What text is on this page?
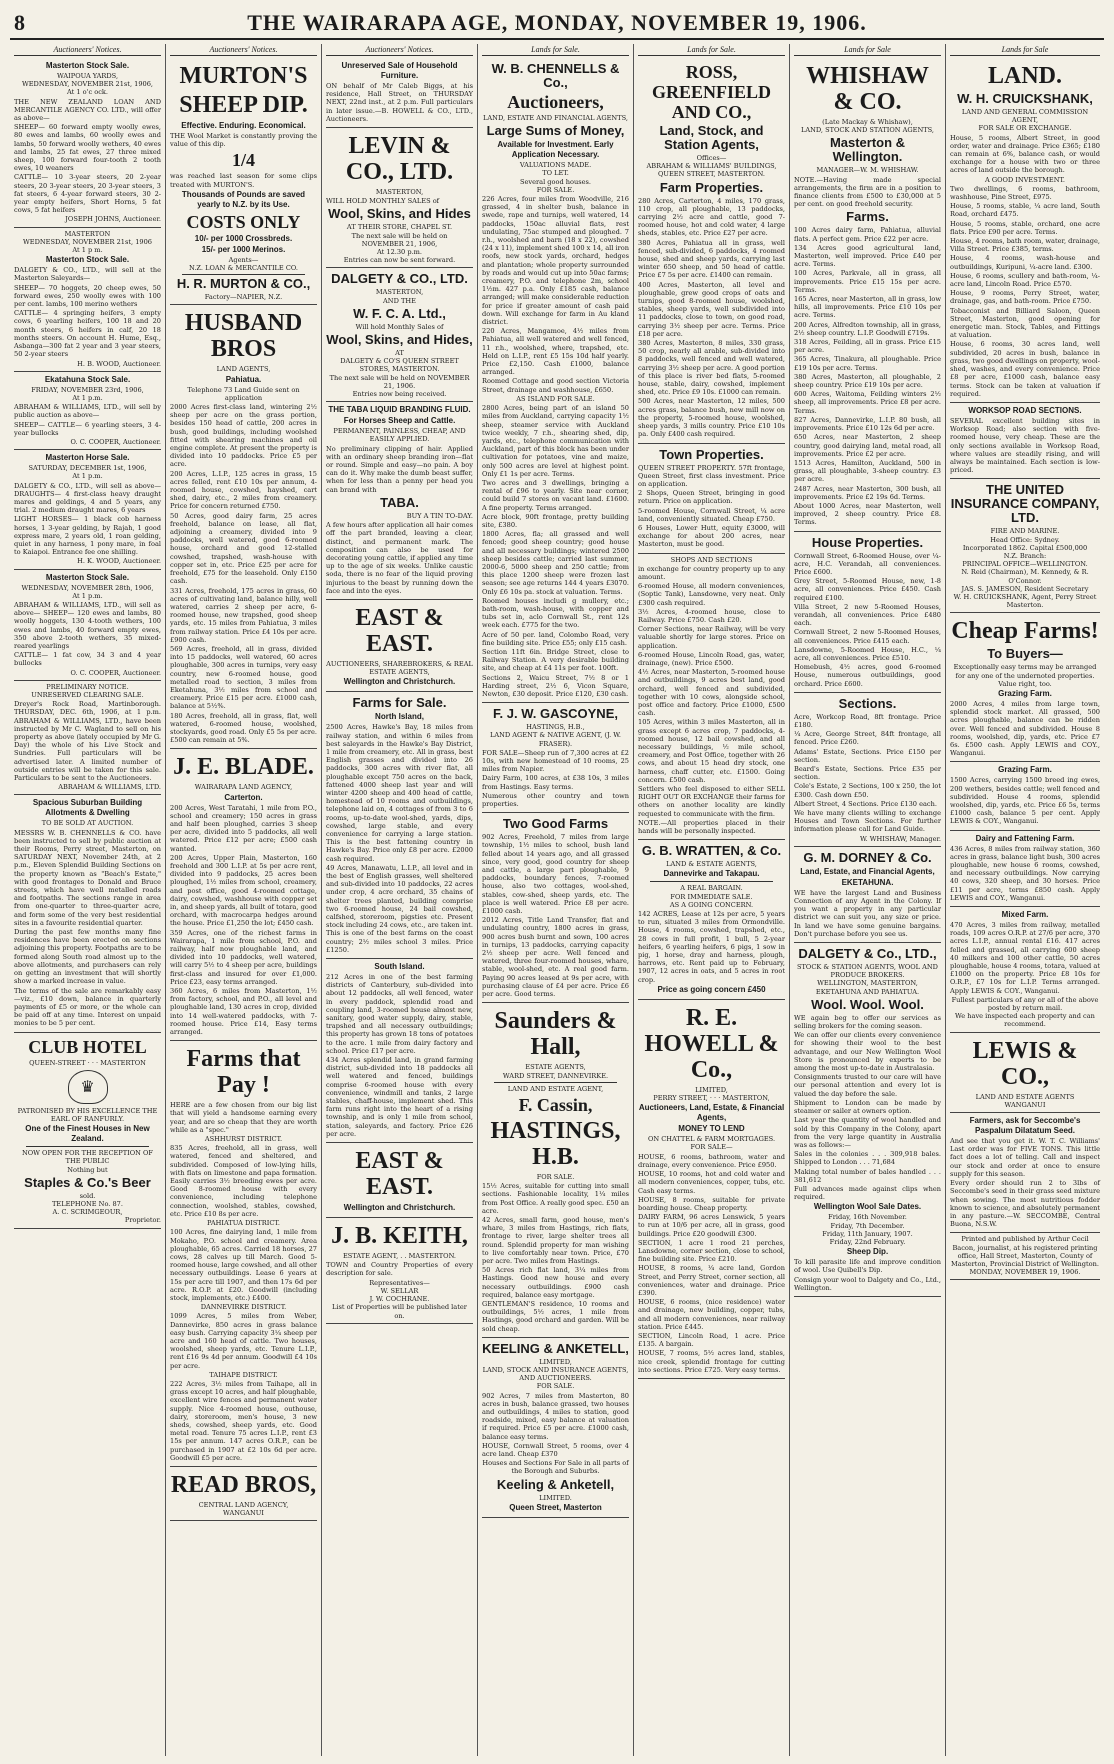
8	THE WAIRARAPA AGE, MONDAY, NOVEMBER 19, 1906.
Auctioneers' Notices.
Masterton Stock Sale.
WAIPOUA YARDS,
WEDNESDAY, NOVEMBER 21st, 1906,
At 1 o'c ock.

THE NEW ZEALAND LOAN AND MERCANTILE AGENCY CO. LTD., will offer as above—

SHEEP— 60 forward empty woolly ewes, 80 ewes and lambs, 60 woolly ewes and lambs, 50 forward woolly wethers, 40 ewes and lambs, 25 fat ewes, 27 three mixed sheep, 100 forward four-tooth 2 tooth ewes, 10 weaners

CATTLE— 10 3-year steers, 20 2-year steers, 20 3-year steers, 20 3-year steers, 3 fat steers, 6 4-year forward steers, 30 2-year empty heifers, Short Horns, 5 fat cows, 5 fat heifers

JOSEPH JOHNS, Auctioneer.
MASTERTON
WEDNESDAY, NOVEMBER 21st, 1906
At 1 p m.
Masterton Stock Sale.

DALGETY & CO., LTD., will sell at the Masterton Saleyards—

SHEEP— 70 hoggets, 20 cheep ewes, 50 forward ewes, 250 woolly ewes with 100 per cent. lambs, 100 merino wethers

CATTLE— 4 springing heifers, 3 empty cows, 6 yearling heifers, 100 18 and 20 month steers, 6 heifers in calf, 20 18 months steers. On account H. Hume, Esq., Asbanga—300 fat 2 year and 3 year steers, 50 2-year steers

H. B. WOOD, Auctioneer.
Ekatahuna Stock Sale.
FRIDAY, NOVEMBER 23rd, 1906,
At 1 p.m.

ABRAHAM & WILLIAMS, LTD., will sell by public auction as above—

SHEEP— CATTLE— 6 yearling steers, 3 4-year bullocks

O. C. COOPER, Auctioneer.
Masterton Horse Sale.
SATURDAY, DECEMBER 1st, 1906,
At 1 p.m.

DALGETY & CO., LTD., will sell as above— DRAUGHTS— 4 first-class heavy draught mares and geldings, 4 and 5 years, any trial. 2 medium draught mares, 6 years

LIGHT HORSES— 1 black cob harness horses, 1 3-year gelding, by Rajah, 1 good express mare, 2 years old, 1 roan gelding, quiet in any harness, 1 pony mare, in foal to Kaiapoi. Entrance fee one shilling.

H. K. WOOD, Auctioneer.
Masterton Stock Sale.
WEDNESDAY, NOVEMBER 28th, 1906,
At 1 p.m.

ABRAHAM & WILLIAMS, LTD., will sell as above— SHEEP— 120 ewes and lambs, 80 woolly hoggets, 130 4-tooth wethers, 100 ewes and lambs, 40 forward empty ewes, 350 above 2-tooth wethers, 35 mixed-reared yearlings

CATTLE— 1 fat cow, 34 3 and 4 year bullocks

O. C. COOPER, Auctioneer.
PRELIMINARY NOTICE.
UNRESERVED CLEARING SALE.

Dreyer's Rock Road, Martinborough. THURSDAY, DEC. 6th, 1906, at 1 p.m. ABRAHAM & WILLIAMS, LTD., have been instructed by Mr C. Wagland to sell on his property as above (lately occupied by Mr G. Day) the whole of his Live Stock and Sundries. Full particulars will be advertised later. A limited number of outside entries will be taken for this sale. Particulars to be sent to the Auctioneers.

ABRAHAM & WILLIAMS, LTD.
Spacious Suburban Building Allotments & Dwelling
TO BE SOLD AT AUCTION.

MESSRS W. B. CHENNELLS & CO. have been instructed to sell by public auction at their Rooms, Perry street, Masterton, on SATURDAY NEXT, November 24th, at 2 p.m., Eleven Splendid Building Sections on the property known as "Beach's Estate," with good frontages to Donald and Bruce streets, which have well metalled roads and footpaths. The sections range in area from one-quarter to three-quarter acre, and form some of the very best residential sites in a favourite residential quarter.

During the past few months many fine residences have been erected on sections adjoining this property. Footpaths are to be formed along South road almost up to the above allotments, and purchasers can rely on getting an investment that will shortly show a marked increase in value.

The terms of the sale are remarkably easy—viz., £10 down, balance in quarterly payments of £5 or more, or the whole can be paid off at any time. Interest on unpaid monies to be 5 per cent.

CLUB HOTEL
QUEEN-STREET · · · MASTERTON
♛
PATRONISED BY HIS EXCELLENCE THE EARL OF RANFURLY.
One of the Finest Houses in New Zealand.
NOW OPEN FOR THE RECEPTION OF THE PUBLIC
Nothing but
Staples & Co.'s Beer
sold.
TELEPHONE No. 87.
A. C. SCRIMGEOUR,
Proprietor.
Auctioneers' Notices.
MURTON'S
SHEEP DIP.
Effective. Enduring. Economical.

THE Wool Market is constantly proving the value of this dip.

1/4

was reached last season for some clips treated with MURTON'S.

Thousands of Pounds are saved yearly to N.Z. by its Use.
COSTS ONLY
10/- per 1000 Crossbreds.
15/- per 1000 Merinos.
Agents—
N.Z. LOAN & MERCANTILE CO.
H. R. MURTON & CO.,
Factory—NAPIER, N.Z.
HUSBAND BROS
LAND AGENTS,
Pahiatua.
Telephone 73 Land Guide sent on application

2000 Acres first-class land, wintering 2½ sheep per acre on the grass portion, besides 150 head of cattle, 200 acres in bush, good buildings, including woolshed fitted with shearing machines and oil engine complete. At present the property is divided into 10 paddocks. Price £5 per acre.

200 Acres, L.I.P., 125 acres in grass, 15 acres felled, rent £10 10s per annum, 4-roomed house, cowshed, hayshed, cart shed, dairy, etc., 2 miles from creamery. Price for concern returned £750.

50 Acres, good dairy farm, 25 acres freehold, balance on lease, all flat, adjoining a creamery, divided into 9 paddocks, well watered, good 6-roomed house, orchard and good 12-stalled cowshed, trapshed, wash-house with copper set in, etc. Price £25 per acre for freehold, £75 for the leasehold. Only £150 cash.

331 Acres, freehold, 175 acres in grass, 60 acres of cultivating land, balance hilly, well watered, carries 2 sheep per acre, 6-roomed house, new trapshed, good sheep yards, etc. 15 miles from Pahiatua, 3 miles from railway station. Price £4 10s per acre. £900 cash.

569 Acres, freehold, all in grass, divided into 15 paddocks, well watered, 60 acres ploughable, 300 acres in turnips, very easy country, new 6-roomed house, good metalled road to section, 3 miles from Eketahuna, 3½ miles from school and creamery. Price £15 per acre. £1000 cash, balance at 5½%.

180 Acres, freehold, all in grass, flat, well watered, 6-roomed house, woolshed, stockyards, good road. Only £5 5s per acre. £500 can remain at 5%.

J. E. BLADE.
WAIRARAPA LAND AGENCY,
Carterton.

200 Acres, West Taratahi, 1 mile from P.O., school and creamery; 150 acres in grass and half been ploughed, carries 3 sheep per acre, divided into 5 paddocks, all well watered. Price £12 per acre; £500 cash wanted.

200 Acres, Upper Plain, Masterton, 160 freehold and 300 L.I.P. at 5s per acre rent, divided into 9 paddocks, 25 acres been ploughed, 1½ miles from school, creamery, and post office, good 4-roomed cottage, dairy, cowshed, washhouse with copper set in, and sheep yards, all built of totara, good orchard, with macrocarpa hedges around the house. Price £1,250 the lot; £450 cash.

359 Acres, one of the richest farms in Wairarapa, 1 mile from school, P.O. and railway, half now ploughable land, and divided into 10 paddocks, well watered, will carry 5½ to 4 sheep per acre, buildings first-class and insured for over £1,000. Price £23, easy terms arranged.

360 Acres, 6 miles from Masterton, 1½ from factory, school, and P.O., all level and ploughable land, 130 acres in crop, divided into 14 well-watered paddocks, with 7-roomed house. Price £14, Easy terms arranged.

Farms that Pay !

HERE are a few chosen from our big list that will yield a handsome earning every year, and are so cheap that they are worth while as a "spec."

ASHHURST DISTRICT.

835 Acres, freehold, all in grass, well watered, fenced and sheltered, and subdivided. Composed of low-lying hills, with flats on limestone and papa formation. Easily carries 3½ breeding ewes per acre. Good 8-roomed house with every convenience, including telephone connection, woolshed, stables, cowshed, etc. Price £10 8s per acre.

PAHIATUA DISTRICT.

100 Acres, fine dairying land, 1 mile from Mokaho, P.O. school and creamery. Area ploughable, 65 acres. Carried 18 horses, 27 cows, 28 calves up till March. Good 5-roomed house, large cowshed, and all other necessary outbuildings. Lease 6 years at 15s per acre till 1907, and then 17s 6d per acre. R.O.P. at £20. Goodwill (including stock, implements, etc.) £400.

DANNEVIRKE DISTRICT.

1099 Acres, 5 miles from Weber, Dannevirke, 850 acres in grass balance easy bush. Carrying capacity 3¼ sheep per acre and 160 head of cattle. Two houses, woolshed, sheep yards, etc. Tenure L.I.P., rent £16 9s 4d per annum. Goodwill £4 10s per acre.

TAIHAPE DISTRICT.

222 Acres, 3½ miles from Taihape, all in grass except 10 acres, and half ploughable, excellent wire fences and permanent water supply. Nice 4-roomed house, outhouse, dairy, storeroom, men's house, 3 new sheds, cowshed, sheep yards, etc. Good metal road. Tenure 75 acres L.I.P., rent £3 15s per annum. 147 acres O.R.P., can be purchased in 1907 at £2 10s 6d per acre. Goodwill £5 per acre.

READ BROS,
CENTRAL LAND AGENCY,
WANGANUI
Auctioneers' Notices.
Unreserved Sale of Household Furniture.

ON behalf of Mr Caleb Biggs, at his residence, Hall Street, on THURSDAY NEXT, 22nd inst., at 2 p.m. Full particulars in later issue.—B. HOWELL & CO., LTD., Auctioneers.

LEVIN & CO., LTD.
MASTERTON,

WILL HOLD MONTHLY SALES of

Wool, Skins, and Hides
AT THEIR STORE, CHAPEL ST.
The next sale will be held on
NOVEMBER 21, 1906,
At 12.30 p.m.
Entries can now be sent forward.
DALGETY & CO., LTD.
MASTERTON,
AND THE
W. F. C. A. Ltd.,
Will hold Monthly Sales of
Wool, Skins, and Hides,
AT
DALGETY & CO'S QUEEN STREET STORES, MASTERTON.
The next sale will be held on NOVEMBER 21, 1906.
Entries now being received.
THE TABA LIQUID BRANDING FLUID.
For Horses Sheep and Cattle.
PERMANENT, PAINLESS, CHEAP, AND EASILY APPLIED.

No preliminary clipping of hair. Applied with an ordinary sheep branding iron—flat or round. Simple and easy—no pain. A boy can do it. Why make the dumb beast suffer, when for less than a penny per head you can brand with

TABA.
BUY A TIN TO-DAY.

A few hours after application all hair comes off the part branded, leaving a clear, distinct, and permanent mark. The composition can also be used for decorating young cattle, if applied any time up to the age of six weeks. Unlike caustic soda, there is no fear of the liquid proving injurious to the beast by running down the face and into the eyes.

EAST & EAST.
AUCTIONEERS, SHAREBROKERS, & REAL ESTATE AGENTS,
Wellington and Christchurch.
Farms for Sale.
North Island,

2500 Acres, Hawke's Bay, 18 miles from railway station, and within 6 miles from best saleyards in the Hawke's Bay District, 1 mile from creamery, etc. All in grass, best English grasses and divided into 26 paddocks, 300 acres with river flat, all ploughable except 750 acres on the back, fattened 4000 sheep last year and will winter 4200 sheep and 400 head of cattle, homestead of 10 rooms and outbuildings, telephone laid on, 4 cottages of from 3 to 6 rooms, up-to-date wool-shed, yards, dips, cowshed, large stable, and every convenience for carrying a large station. This is the best fattening country in Hawke's Bay. Price only £8 per acre. £2000 cash required.

49 Acres, Manawatu, L.I.P., all level and in the best of English grasses, well sheltered and sub-divided into 10 paddocks, 22 acres under crop, 4 acre orchard, 35 chains of shelter trees planted, building comprise two 6-roomed house, 24 bail cowshed, calfshed, storeroom, pigsties etc. Present stock including 24 cows, etc., are taken int. This is one of the best farms on the coast country; 2½ miles school 3 miles. Price £1250.

South Island.

212 Acres in one of the best farming districts of Canterbury, sub-divided into about 12 paddocks, all well fenced, water in every paddock, splendid road and coupling land, 3-roomed house almost new, sanitary, good water supply, dairy, stable, trapshed and all necessary outbuildings; this property has grown 18 tons of potatoes to the acre. 1 mile from dairy factory and school. Price £17 per acre.

434 Acres splendid land, in grand farming district, sub-divided into 18 paddocks all well watered and fenced, buildings comprise 6-roomed house with every convenience, windmill and tanks, 2 large stables, chaff-house, implement shed. This farm runs right into the heart of a rising township, and is only 1 mile from school, station, saleyards, and factory. Price £26 per acre.

EAST & EAST.
Wellington and Christchurch.
J. B. KEITH,
ESTATE AGENT, . . MASTERTON.

TOWN and Country Properties of every description for sale.

Representatives—
W. SELLAR
J. W. COCHRANE.
List of Properties will be published later on.
Lands for Sale.
W. B. CHENNELLS & Co.,
Auctioneers,
LAND, ESTATE AND FINANCIAL AGENTS,
Large Sums of Money,
Available for Investment. Early Application Necessary.
VALUATIONS MADE.
TO LET.
Several good houses.
FOR SALE.

226 Acres, four miles from Woodville, 216 grassed, 4 in shelter bush, balance in swede, rape and turnips, well watered, 14 paddocks, 150ac alluvial flats, rest undulating, 75ac stumped and ploughed. 7 r.h., woolshed and barn (18 x 22), cowshed (24 x 11), implement shed 100 x 14, all iron roofs, new stock yards, orchard, hedges and plantation; whole property surrounded by roads and would cut up into 50ac farms; creamery, P.O. and telephone 2m, school 1½m. 427 p.a. Only £185 cash, balance arranged; will make considerable reduction for price if greater amount of cash paid down. Will exchange for farm in Au kland district.

220 Acres, Mangamoe, 4½ miles from Pahiatua, all well watered and well fenced, 11 r.h., woolshed, where, trapshed, etc. Held on L.I.P., rent £5 15s 10d half yearly. Price £2,150. Cash £1000, balance arranged.

Roomed Cottage and good section Victoria Street, drainage and washhouse, £650.

AS ISLAND FOR SALE.

2800 Acres, being part of an island 50 miles from Auckland, carrying capacity 1½ sheep, steamer service with Auckland twice weekly, 7 r.h., shearing shed, dip, yards, etc., telephone communication with Auckland, part of this block has been under cultivation for potatoes, vine and maize, only 500 acres are level at highest point. Only £1 1s per acre. Terms.

Two acres and 3 dwellings, bringing a rental of £96 to yearly. Site near corner, could build 7 stores on vacant land. £1600. A fine property. Terms arranged.

Acre block, 90ft frontage, pretty building site, £380.

1800 Acres, fla; all grassed and well fenced; good sheep country; good house and all necessary buildings; wintered 2500 sheep besides cattle; carried last summer, 2000-6, 5000 sheep and 250 cattle; from this place 1200 sheep were frozen last season; see age returns 144 4 years £3070. Only £6 10s pa. stock at valuation. Terms.

Roomed houses includi g mullery, etc.; bath-room, wash-house, with copper and tubs set in, aclo Cornwall St., rent 12s week each. £775 for the two.

Acre of 50 per. land, Colombo Road, very fine building site. Price £55; only £15 cash.

Section 11ft 6in. Bridge Street, close to Railway Station. A very desirable building site, and cheap at £4 11s per foot. 100ft.

Sections 2, Waicu Street, 7½ 8 or 1 Harding street, 2½ 6, Vicon Square, Newton, £30 deposit. Price £120, £30 cash.

F. J. W. GASCOYNE,
HASTINGS, H.B.,
LAND AGENT & NATIVE AGENT, (J. W. FRASER).

FOR SALE—Sheep run of 7,300 acres at £2 10s, with new homestead of 10 rooms, 25 miles from Napier.

Dairy Farm, 100 acres, at £38 10s, 3 miles from Hastings. Easy terms.

Numerous other country and town properties.

Two Good Farms

902 Acres, Freehold, 7 miles from large township, 1½ miles to school, bush land felled about 14 years ago, and all grassed since, very good, good country for sheep and cattle, a large part ploughable, 9 paddocks, boundary fences, 7-roomed house, also two cottages, wool-shed, stables, cow-shed, sheep yards, etc. The place is well watered. Price £8 per acre. £1000 cash.

2012 Acres, Title Land Transfer, flat and undulating country, 1800 acres in grass, 900 acres bush burnt and sown, 100 acres in turnips, 13 paddocks, carrying capacity 2½ sheep per acre. Well fenced and watered, three four-roomed houses, whare, stable, wool-shed, etc. A real good farm. Paying 90 acres leased at 9s per acre, with purchasing clause of £4 per acre. Price £6 per acre. Good terms.

Saunders & Hall,
ESTATE AGENTS,
WARD STREET, DANNEVIRKE.
LAND AND ESTATE AGENT,
F. Cassin,
HASTINGS, H.B.
FOR SALE.

15½ Acres, suitable for cutting into small sections. Fashionable locality, 1¼ miles from Post Office. A really good spec. £50 an acre.

42 Acres, small farm, good house, men's whare, 3 miles from Hastings, rich flats, frontage to river, large shelter trees all round. Splendid property for man wishing to live comfortably near town. Price, £70 per acre. Two miles from Hastings.

50 Acres rich flat land, 3¼ miles from Hastings. Good new house and every necessary outbuildings. £900 cash required, balance easy mortgage.

GENTLEMAN'S residence, 10 rooms and outbuildings, 5½ acres, 1 mile from Hastings, good orchard and garden. Will be sold cheap.

KEELING & ANKETELL,
LIMITED,
LAND, STOCK AND INSURANCE AGENTS, AND AUCTIONEERS.
FOR SALE.

902 Acres, 7 miles from Masterton, 80 acres in bush, balance grassed, two houses and outbuildings, 4 miles to station, good roadside, mixed, easy balance at valuation if required. Price £5 per acre. £1000 cash, balance easy terms.

HOUSE, Cornwall Street, 5 rooms, over 4 acre land. Cheap £370

Houses and Sections For Sale in all parts of the Borough and Suburbs.
Keeling & Anketell,
LIMITED.
Queen Street, Masterton
Lands for Sale.
ROSS, GREENFIELD AND CO.,
Land, Stock, and Station Agents,
Offices—
ABRAHAM & WILLIAMS' BUILDINGS,
QUEEN STREET, MASTERTON.
Farm Properties.

280 Acres, Carterton, 4 miles, 170 grass, 110 crop, all ploughable, 13 paddocks, carrying 2½ acre and cattle, good 7-roomed house, hot and cold water, 4 large sheds, stables, etc. Price £27 per acre.

380 Acres, Pahiatua all in grass, well fenced, sub-divided, 6 paddocks, 4 roomed house, shed and sheep yards, carrying last winter 650 sheep, and 50 head of cattle. Price £7 5s per acre. £1400 can remain.

400 Acres, Masterton, all level and ploughable, grew good crops of oats and turnips, good 8-roomed house, woolshed, stables, sheep yards, well subdivided into 11 paddocks, close to town, on good road, carrying 3½ sheep per acre. Terms. Price £18 per acre.

380 Acres, Masterton, 8 miles, 330 grass, 50 crop, nearly all arable, sub-divided into 8 paddocks, well fenced and well watered, carrying 3½ sheep per acre. A good portion of this place is river bed flats, 5-roomed house, stable, dairy, cowshed, implement shed, etc. Price £9 10s. £1000 can remain.

500 Acres, near Masterton, 12 miles, 500 acres grass, balance bush, new mill now on the property, 5-roomed house, woolshed, sheep yards, 3 mills country. Price £10 10s pa. Only £400 cash required.

Town Properties.

QUEEN STREET PROPERTY. 57ft frontage, Queen Street, first class investment. Price on application.

2 Shops, Queen Street, bringing in good return. Price on application.

5-roomed House, Cornwall Street, ¼ acre land, conveniently situated. Cheap £750.

6 Houses, Lower Hutt, equity £3000, will exchange for about 200 acres, near Masterton, must be good.

SHOPS AND SECTIONS

in exchange for country property up to any amount.

6-roomed House, all modern conveniences, (Soptic Tank), Lansdowne, very neat. Only £300 cash required.

3½ Acres, 4-roomed house, close to Railway. Price £750. Cash £20.

Corner Sections, near Railway, will be very valuable shortly for large stores. Price on application.

6-roomed House, Lincoln Road, gas, water, drainage, (new). Price £500.

4½ Acres, near Masterton, 5-roomed house and outbuildings, 9 acres best land, good orchard, well fenced and subdivided, together with 10 cows, alongside school, post office and factory. Price £1000, £500 cash.

105 Acres, within 3 miles Masterton, all in grass except 6 acres crop, 7 paddocks, 4-roomed house, 12 bail cowshed, and all necessary buildings, ½ mile school, creamery, and Post Office, together with 26 cows, and about 15 head dry stock, one harness, chaff cutter, etc. £1500. Going concern. £500 cash.

Settlers who feel disposed to either SELL RIGHT OUT OR EXCHANGE their farms for others on another locality are kindly requested to communicate with the firm.

NOTE.—All properties placed in their hands will be personally inspected.

G. B. WRATTEN, & Co.
LAND & ESTATE AGENTS,
Dannevirke and Takapau.
A REAL BARGAIN.
FOR IMMEDIATE SALE.
AS A GOING CONCERN.

142 ACRES, Lease at 12s per acre, 5 years to run, situated 3 miles from Ormondville. House, 4 rooms, cowshed, trapshed, etc., 28 cows in full profit, 1 bull, 5 2-year heifers, 6 yearling heifers, 6 pigs, 1 sow in pig, 1 horse, dray and harness, plough, harrows, etc. Rent paid up to February, 1907, 12 acres in oats, and 5 acres in root crop.

Price as going concern £450
R. E. HOWELL & Co.,
LIMITED,
PERRY STREET, · · · MASTERTON,
Auctioneers, Land, Estate, & Financial Agents,
MONEY TO LEND
ON CHATTEL & FARM MORTGAGES.
FOR SALE—

HOUSE, 6 rooms, bathroom, water and drainage, every convenience. Price £950.

HOUSE, 10 rooms, hot and cold water and all modern conveniences, copper, tubs, etc. Cash easy terms.

HOUSE, 8 rooms, suitable for private boarding house. Cheap property.

DAIRY FARM, 96 acres Lenswick, 5 years to run at 10/6 per acre, all in grass, good buildings. Price £20 goodwill £300.

SECTION, 1 acre 1 rood 21 perches, Lansdowne, corner section, close to school, fine building site. Price £210.

HOUSE, 8 rooms, ¼ acre land, Gordon Street, and Perry Street, corner section, all conveniences, water and drainage. Price £390.

HOUSE, 6 rooms, (nice residence) water and drainage, new building, copper, tubs, and all modern conveniences, near railway station. Price £445.

SECTION, Lincoln Road, 1 acre. Price £135. A bargain.

HOUSE, 7 rooms, 5½ acres land, stables, nice creek, splendid frontage for cutting into sections. Price £725. Very easy terms.

Lands for Sale
WHISHAW & CO.
(Late Mackay & Whishaw),
LAND, STOCK AND STATION AGENTS,
Masterton & Wellington.
MANAGER—W. M. WHISHAW.

NOTE.—Having made special arrangements, the firm are in a position to finance clients from £500 to £30,000 at 5 per cent. on good freehold security.

Farms.

100 Acres dairy farm, Pahiatua, alluvial flats. A perfect gem. Price £22 per acre.

134 Acres good agricultural land, Masterton, well improved. Price £40 per acre. Terms.

100 Acres, Parkvale, all in grass, all improvements. Price £15 15s per acre. Terms.

165 Acres, near Masterton, all in grass, low hills, all improvements. Price £10 10s per acre. Terms.

200 Acres, Alfredton township, all in grass, 2½ sheep country. L.I.P. Goodwill £719s.

318 Acres, Feilding, all in grass. Price £15 per acre.

365 Acres, Tinakura, all ploughable. Price £19 10s per acre. Terms.

380 Acres, Masterton, all ploughable, 2 sheep country. Price £19 10s per acre.

600 Acres, Waitoma, Feilding winters 2½ sheep, all improvements. Price £8 per acre. Terms.

827 Acres, Dannevirke, L.I.P. 80 bush, all improvements. Price £10 12s 6d per acre.

650 Acres, near Masterton, 2 sheep country, good dairying land, metal road, all improvements. Price £2 per acre.

1513 Acres, Hamilton, Auckland, 500 in grass, all ploughable, 3-sheep country. £3 per acre.

2487 Acres, near Masterton, 300 bush, all improvements. Price £2 19s 6d. Terms.

About 1000 Acres, near Masterton, well improved, 2 sheep country. Price £8. Terms.

House Properties.

Cornwall Street, 6-Roomed House, over ¼-acre, H.C. Verandah, all conveniences. Price £600.

Grey Street, 5-Roomed House, new, 1-8 acre, all conveniences. Price £450. Cash required £100.

Villa Street, 2 new 5-Roomed Houses, verandah, all conveniences. Price £480 each.

Cornwall Street, 2 new 5-Roomed Houses, all conveniences. Price £415 each.

Lansdowne, 5-Roomed House, H.C., ¼ acre, all conveniences. Price £510.

Homebush, 4½ acres, good 6-roomed House, numerous outbuildings, good orchard. Price £600.

Sections.

Acre, Workcop Road, 8ft frontage. Price £180.

¼ Acre, George Street, 84ft frontage, all fenced. Price £260.

Adams' Estate, Sections. Price £150 per section.

Beard's Estate, Sections. Price £35 per section.

Cole's Estate, 2 Sections, 100 x 250, the lot £300. Cash down £50.

Albert Street, 4 Sections. Price £130 each.

We have many clients willing to exchange Houses and Town Sections. For further information please call for Land Guide.

W. WHISHAW, Manager.
G. M. DORNEY & Co.
Land, Estate, and Financial Agents,
EKETAHUNA.

WE have the largest Land and Business Connection of any Agent in the Colony. If you want a property in any particular district we can suit you, any size or price. In land we have some genuine bargains. Don't purchase before you see us.

DALGETY & Co., LTD.,
STOCK & STATION AGENTS, WOOL AND PRODUCE BROKERS.
WELLINGTON, MASTERTON, EKETAHUNA AND PAHIATUA.
Wool. Wool. Wool.

WE again beg to offer our services as selling brokers for the coming season.

We can offer our clients every convenience for showing their wool to the best advantage, and our New Wellington Wool Store is pronounced by experts to be among the most up-to-date in Australasia.

Consignments trusted to our care will have our personal attention and every lot is valued the day before the sale.

Shipment to London can be made by steamer or sailer at owners option.

Last year the quantity of wool handled and sold by this Company in the Colony, apart from the very large quantity in Australia was as follows:—

Sales in the colonies . . . 309,918 bales. Shipped to London . . . 71,684

Making total number of bales handled . . . 381,612

Full advances made against clips when required.

Wellington Wool Sale Dates.
Friday, 16th November.
Friday, 7th December.
Friday, 11th January, 1907.
Friday, 22nd February.
Sheep Dip.

To kill parasite life and improve condition of wool. Use Quibell's Dip.

Consign your wool to Dalgety and Co., Ltd., Wellington.

Lands for Sale
LAND.
W. H. CRUICKSHANK,
LAND AND GENERAL COMMISSION AGENT,
FOR SALE OR EXCHANGE.

House, 5 rooms, Albert Street, in good order, water and drainage. Price £365; £180 can remain at 6%, balance cash, or would exchange for a house with two or three acres of land outside the borough.

A GOOD INVESTMENT.

Two dwellings, 6 rooms, bathroom, washhouse, Pine Street, £975.

House, 5 rooms, stable, ¼ acre land, South Road, orchard £475.

House, 5 rooms, stable, orchard, one acre flats. Price £90 per acre. Terms.

House, 4 rooms, bath room, water, drainage, Villa Street. Price £385, terms.

House, 4 rooms, wash-house and outbuildings, Kuripuni, ¼-acre land. £300.

House, 6 rooms, scullery and bath-room, ¼-acre land, Lincoln Road. Price £570.

House, 9 rooms, Perry Street, water, drainage, gas, and bath-room. Price £750.

Tobacconist and Billiard Saloon, Queen Street, Masterton, good opening for energetic man. Stock, Tables, and Fittings at valuation.

House, 6 rooms, 30 acres land, well subdivided, 20 acres in bush, balance in grass, two good dwellings on property, wool-shed, washes, and every convenience. Price £8 per acre, £1000 cash, balance easy terms. Stock can be taken at valuation if required.

WORKSOP ROAD SECTIONS.

SEVERAL excellent building sites in Worksop Road; also section with five-roomed house, very cheap. These are the only sections available in Worksop Road, where values are steadily rising, and will always be maintained. Each section is low-priced.

THE UNITED INSURANCE COMPANY, LTD.
FIRE AND MARINE.
Head Office: Sydney.
Incorporated 1862. Capital £500,000
N.Z. Branch:
PRINCIPAL OFFICE—WELLINGTON.
N. Reid (Chairman), M. Kennedy, & R. O'Connor.
JAS. S. JAMESON, Resident Secretary
W. H. CRUICKSHANK, Agent, Perry Street Masterton.
Cheap Farms!
To Buyers—
Exceptionally easy terms may be arranged for any one of the undernoted properties. Value right, too.
Grazing Farm.

2000 Acres, 4 miles from large town, splendid stock market. All grassed, 500 acres ploughable, balance can be ridden over. Well fenced and subdivided. House 8 rooms, woolshed, dip, yards, etc. Price £7 6s. £500 cash. Apply LEWIS and COY., Wanganui.

Grazing Farm.

1500 Acres, carrying 1500 breed ing ewes, 200 wethers, besides cattle; well fenced and subdivided. House 4 rooms, splendid woolshed, dip, yards, etc. Price £6 5s, terms £1000 cash, balance 5 per cent. Apply LEWIS & COY., Wanganui.

Dairy and Fattening Farm.

436 Acres, 8 miles from railway station, 360 acres in grass, balance light bush, 300 acres ploughable, new house 6 rooms, cowshed, and necessary outbuildings. Now carrying 40 cows, 320 sheep, and 30 horses. Price £11 per acre, terms £850 cash. Apply LEWIS and COY., Wanganui.

Mixed Farm.

470 Acres, 3 miles from railway, metalled roads, 109 acres O.R.P. at 27/6 per acre, 370 acres L.I.P., annual rental £16. 417 acres felled and grassed, all carrying 600 sheep 40 milkers and 100 other cattle, 50 acres ploughable, house 4 rooms, totara, valued at £1000 on the property. Price £8 10s for O.R.P., £7 10s for L.I.P. Terms arranged. Apply LEWIS & COY., Wanganui.

Fullest particulars of any or all of the above posted by return mail.
We have inspected each property and can recommend.
LEWIS & CO.,
LAND AND ESTATE AGENTS
WANGANUI
Farmers, ask for Seccombe's Paspalum Dilatatum Seed.

And see that you get it. W. T. C. Williams' Last order was for FIVE TONS. This little fact does a lot of telling. Call and inspect our stock and order at once to ensure supply for this season.

Every order should run 2 to 3lbs of Seccombe's seed in their grass seed mixture when sowing. The most nutritious fodder known to science, and absolutely permanent in any pasture.—W. SECCOMBE, Central Buona, N.S.W.

Printed and published by Arthur Cecil Bacon, journalist, at his registered printing office, Hall Street, Masterton, County of Masterton, Provincial District of Wellington.
MONDAY, NOVEMBER 19, 1906.
